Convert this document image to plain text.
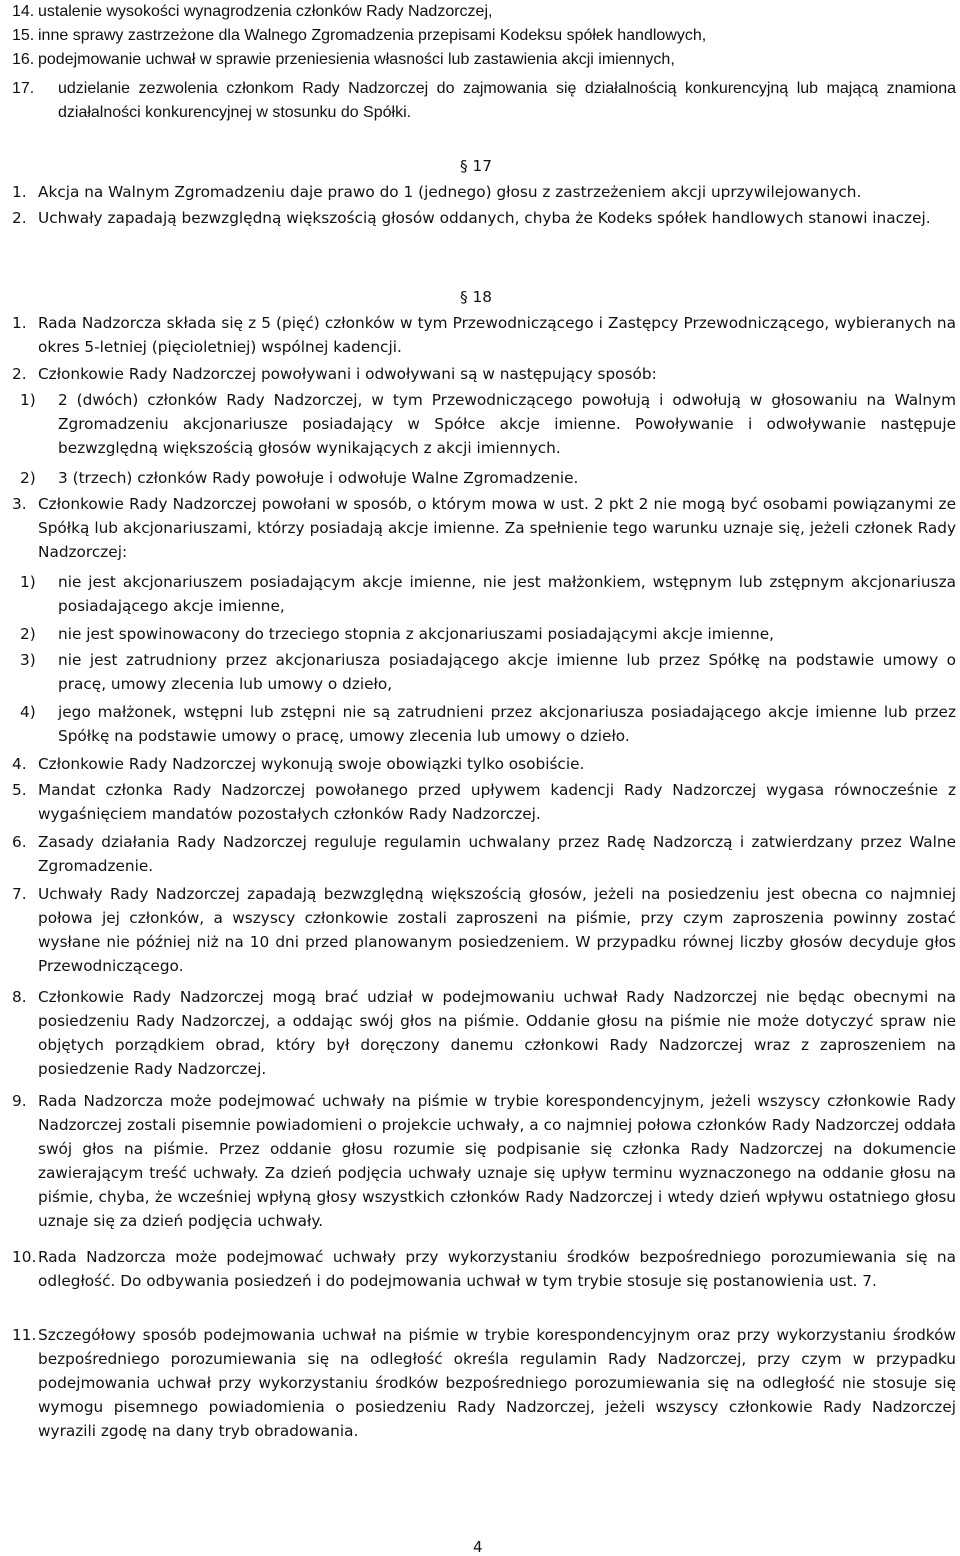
14. ustalenie wysokości wynagrodzenia członków Rady Nadzorczej,
15. inne sprawy zastrzeżone dla Walnego Zgromadzenia przepisami Kodeksu spółek handlowych,
16. podejmowanie uchwał w sprawie przeniesienia własności lub zastawienia akcji imiennych,
17.	udzielanie zezwolenia członkom Rady Nadzorczej do zajmowania się działalnością konkurencyjną lub mającą znamiona działalności konkurencyjnej w stosunku do Spółki.
§ 17
1. Akcja na Walnym Zgromadzeniu daje prawo do 1 (jednego) głosu z zastrzeżeniem akcji uprzywilejowanych.
2. Uchwały zapadają bezwzględną większością głosów oddanych, chyba że Kodeks spółek handlowych stanowi inaczej.
§ 18
1. Rada Nadzorcza składa się z 5 (pięć) członków w tym Przewodniczącego i Zastępcy Przewodniczącego, wybieranych na okres 5-letniej (pięcioletniej) wspólnej kadencji.
2. Członkowie Rady Nadzorczej powoływani i odwoływani są w następujący sposób:
1)	2 (dwóch) członków Rady Nadzorczej, w tym Przewodniczącego powołują i odwołują w głosowaniu na Walnym Zgromadzeniu akcjonariusze posiadający w Spółce akcje imienne. Powoływanie i odwoływanie następuje bezwzględną większością głosów wynikających z akcji imiennych.
2)	3 (trzech) członków Rady powołuje i odwołuje Walne Zgromadzenie.
3. Członkowie Rady Nadzorczej powołani w sposób, o którym mowa w ust. 2 pkt 2 nie mogą być osobami powiązanymi ze Spółką lub akcjonariuszami, którzy posiadają akcje imienne. Za spełnienie tego warunku uznaje się, jeżeli członek Rady Nadzorczej:
1)	nie jest akcjonariuszem posiadającym akcje imienne, nie jest małżonkiem, wstępnym lub zstępnym akcjonariusza posiadającego akcje imienne,
2)	nie jest spowinowacony do trzeciego stopnia z akcjonariuszami posiadającymi akcje imienne,
3)	nie jest zatrudniony przez akcjonariusza posiadającego akcje imienne lub przez Spółkę na podstawie umowy o pracę, umowy zlecenia lub umowy o dzieło,
4)	jego małżonek, wstępni lub zstępni nie są zatrudnieni przez akcjonariusza posiadającego akcje imienne lub przez Spółkę na podstawie umowy o pracę, umowy zlecenia lub umowy o dzieło.
4. Członkowie Rady Nadzorczej wykonują swoje obowiązki tylko osobiście.
5. Mandat członka Rady Nadzorczej powołanego przed upływem kadencji Rady Nadzorczej wygasa równocześnie z wygaśnięciem mandatów pozostałych członków Rady Nadzorczej.
6. Zasady działania Rady Nadzorczej reguluje regulamin uchwalany przez Radę Nadzorczą i zatwierdzany przez Walne Zgromadzenie.
7. Uchwały Rady Nadzorczej zapadają bezwzględną większością głosów, jeżeli na posiedzeniu jest obecna co najmniej połowa jej członków, a wszyscy członkowie zostali zaproszeni na piśmie, przy czym zaproszenia powinny zostać wysłane nie później niż na 10 dni przed planowanym posiedzeniem. W przypadku równej liczby głosów decyduje głos Przewodniczącego.
8. Członkowie Rady Nadzorczej mogą brać udział w podejmowaniu uchwał Rady Nadzorczej nie będąc obecnymi na posiedzeniu Rady Nadzorczej, a oddając swój głos na piśmie. Oddanie głosu na piśmie nie może dotyczyć spraw nie objętych porządkiem obrad, który był doręczony danemu członkowi Rady Nadzorczej wraz z zaproszeniem na posiedzenie Rady Nadzorczej.
9. Rada Nadzorcza może podejmować uchwały na piśmie w trybie korespondencyjnym, jeżeli wszyscy członkowie Rady Nadzorczej zostali pisemnie powiadomieni o projekcie uchwały, a co najmniej połowa członków Rady Nadzorczej oddała swój głos na piśmie. Przez oddanie głosu rozumie się podpisanie się członka Rady Nadzorczej na dokumencie zawierającym treść uchwały. Za dzień podjęcia uchwały uznaje się upływ terminu wyznaczonego na oddanie głosu na piśmie, chyba, że wcześniej wpłyną głosy wszystkich członków Rady Nadzorczej i wtedy dzień wpływu ostatniego głosu uznaje się za dzień podjęcia uchwały.
10. Rada Nadzorcza może podejmować uchwały przy wykorzystaniu środków bezpośredniego porozumiewania się na odległość. Do odbywania posiedzeń i do podejmowania uchwał w tym trybie stosuje się postanowienia ust. 7.
11. Szczegółowy sposób podejmowania uchwał na piśmie w trybie korespondencyjnym oraz przy wykorzystaniu środków bezpośredniego porozumiewania się na odległość określa regulamin Rady Nadzorczej, przy czym w przypadku podejmowania uchwał przy wykorzystaniu środków bezpośredniego porozumiewania się na odległość nie stosuje się wymogu pisemnego powiadomienia o posiedzeniu Rady Nadzorczej, jeżeli wszyscy członkowie Rady Nadzorczej wyrazili zgodę na dany tryb obradowania.
4
